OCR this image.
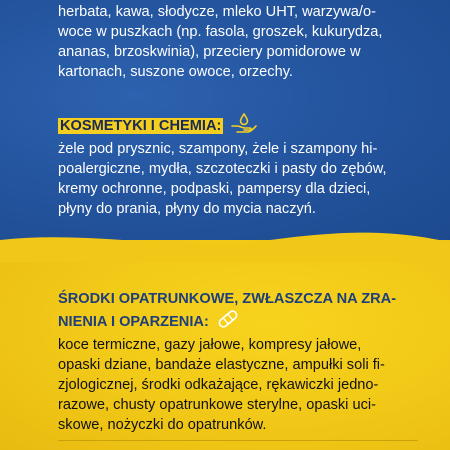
herbata, kawa, słodycze, mleko UHT, warzywa/o-
woce w puszkach (np. fasola, groszek, kukurydza,
ananas, brzoskwinia), przeciery pomidorowe w
kartonach, suszone owoce, orzechy.
KOSMETYKI I CHEMIA:
żele pod prysznic, szampony, żele i szampony hi-
poalergiczne, mydła, szczoteczki i pasty do zębów,
kremy ochronne, podpaski, pampersy dla dzieci,
płyny do prania, płyny do mycia naczyń.
ŚRODKI OPATRUNKOWE, ZWŁASZCZA NA ZRA-
NIENIA I OPARZENIA:
koce termiczne, gazy jałowe, kompresy jałowe,
opaski dziane, bandaże elastyczne, ampułki soli fi-
zjologicznej, środki odkażające, rękawiczki jedno-
razowe, chusty opatrunkowe sterylne, opaski uci-
skowe, nożyczki do opatrunków.
